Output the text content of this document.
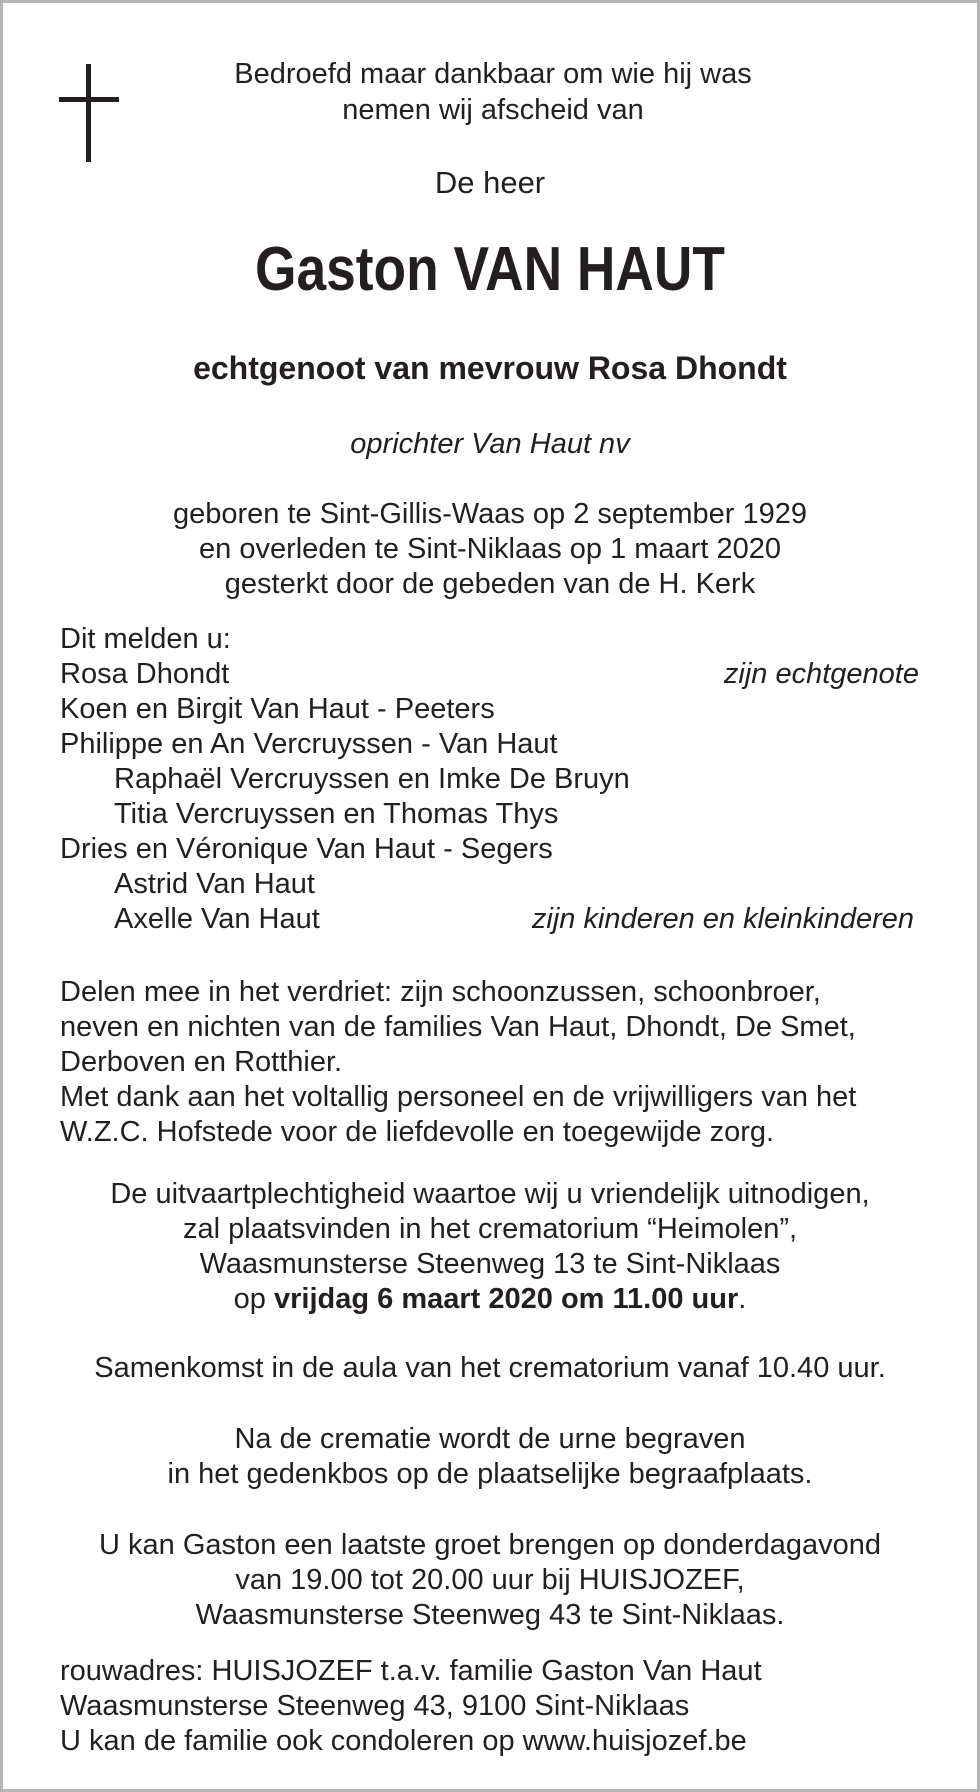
Bedroefd maar dankbaar om wie hij was
nemen wij afscheid van
De heer
Gaston VAN HAUT
echtgenoot van mevrouw Rosa Dhondt
oprichter Van Haut nv
geboren te Sint-Gillis-Waas op 2 september 1929
en overleden te Sint-Niklaas op 1 maart 2020
gesterkt door de gebeden van de H. Kerk
Dit melden u:
Rosa Dhondt	zijn echtgenote
Koen en Birgit Van Haut - Peeters
Philippe en An Vercruyssen - Van Haut
Raphaël Vercruyssen en Imke De Bruyn
Titia Vercruyssen en Thomas Thys
Dries en Véronique Van Haut - Segers
Astrid Van Haut
Axelle Van Haut	zijn kinderen en kleinkinderen
Delen mee in het verdriet: zijn schoonzussen, schoonbroer,
neven en nichten van de families Van Haut, Dhondt, De Smet,
Derboven en Rotthier.
Met dank aan het voltallig personeel en de vrijwilligers van het
W.Z.C. Hofstede voor de liefdevolle en toegewijde zorg.
De uitvaartplechtigheid waartoe wij u vriendelijk uitnodigen,
zal plaatsvinden in het crematorium “Heimolen”,
Waasmunsterse Steenweg 13 te Sint-Niklaas
op vrijdag 6 maart 2020 om 11.00 uur.
Samenkomst in de aula van het crematorium vanaf 10.40 uur.
Na de crematie wordt de urne begraven
in het gedenkbos op de plaatselijke begraafplaats.
U kan Gaston een laatste groet brengen op donderdagavond
van 19.00 tot 20.00 uur bij HUISJOZEF,
Waasmunsterse Steenweg 43 te Sint-Niklaas.
rouwadres: HUISJOZEF t.a.v. familie Gaston Van Haut
Waasmunsterse Steenweg 43, 9100 Sint-Niklaas
U kan de familie ook condoleren op www.huisjozef.be
